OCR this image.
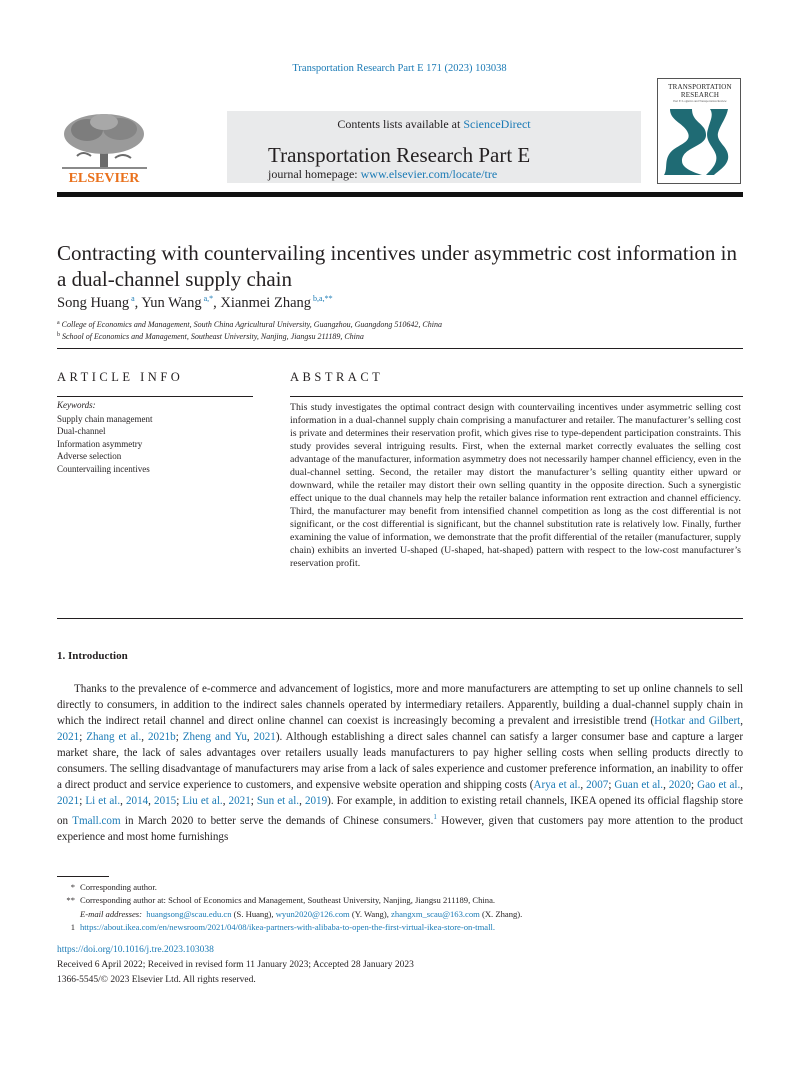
Transportation Research Part E 171 (2023) 103038
ELSEVIER
Contents lists available at ScienceDirect
Transportation Research Part E
journal homepage: www.elsevier.com/locate/tre
TRANSPORTATION RESEARCH
Part E: Logistics and Transportation Review
Contracting with countervailing incentives under asymmetric cost information in a dual-channel supply chain
Song Huang $^a$, Yun Wang $^{a,*}$, Xianmei Zhang $^{b,a,**}$
$^a$ College of Economics and Management, South China Agricultural University, Guangzhou, Guangdong 510642, China
$^b$ School of Economics and Management, Southeast University, Nanjing, Jiangsu 211189, China
ARTICLE INFO	ABSTRACT
Keywords:
Supply chain management
Dual-channel
Information asymmetry
Adverse selection
Countervailing incentives

This study investigates the optimal contract design with countervailing incentives under asymmetric selling cost information in a dual-channel supply chain comprising a manufacturer and retailer. The manufacturer’s selling cost is private and determines their reservation profit, which gives rise to type-dependent participation constraints. This study provides several intriguing results. First, when the external market correctly evaluates the selling cost advantage of the manufacturer, information asymmetry does not necessarily hamper channel efficiency, even in the dual-channel setting. Second, the retailer may distort the manufacturer’s selling quantity either upward or downward, while the retailer may distort their own selling quantity in the opposite direction. Such a synergistic effect unique to the dual channels may help the retailer balance information rent extraction and channel efficiency. Third, the manufacturer may benefit from intensified channel competition as long as the cost differential is not significant, or the cost differential is significant, but the channel substitution rate is relatively low. Finally, further examining the value of information, we demonstrate that the profit differential of the retailer (manufacturer, supply chain) exhibits an inverted U-shaped (U-shaped, hat-shaped) pattern with respect to the low-cost manufacturer’s reservation profit.

1. Introduction

Thanks to the prevalence of e-commerce and advancement of logistics, more and more manufacturers are attempting to set up online channels to sell directly to consumers, in addition to the indirect sales channels operated by intermediary retailers. Apparently, building a dual-channel supply chain in which the indirect retail channel and direct online channel can coexist is increasingly becoming a prevalent and irresistible trend (Hotkar and Gilbert, 2021; Zhang et al., 2021b; Zheng and Yu, 2021). Although establishing a direct sales channel can satisfy a larger consumer base and capture a larger market share, the lack of sales advantages over retailers usually leads manufacturers to pay higher selling costs when selling products directly to consumers. The selling disadvantage of manufacturers may arise from a lack of sales experience and customer preference information, an inability to offer a direct product and service experience to customers, and expensive website operation and shipping costs (Arya et al., 2007; Guan et al., 2020; Gao et al., 2021; Li et al., 2014, 2015; Liu et al., 2021; Sun et al., 2019). For example, in addition to existing retail channels, IKEA opened its official flagship store on Tmall.com in March 2020 to better serve the demands of Chinese consumers.$^1$ However, given that customers pay more attention to the product experience and most home furnishings

* Corresponding author.
** Corresponding author at: School of Economics and Management, Southeast University, Nanjing, Jiangsu 211189, China.
E-mail addresses: huangsong@scau.edu.cn (S. Huang), wyun2020@126.com (Y. Wang), zhangxm_scau@163.com (X. Zhang).
1 https://about.ikea.com/en/newsroom/2021/04/08/ikea-partners-with-alibaba-to-open-the-first-virtual-ikea-store-on-tmall.
https://doi.org/10.1016/j.tre.2023.103038
Received 6 April 2022; Received in revised form 11 January 2023; Accepted 28 January 2023
1366-5545/© 2023 Elsevier Ltd. All rights reserved.
